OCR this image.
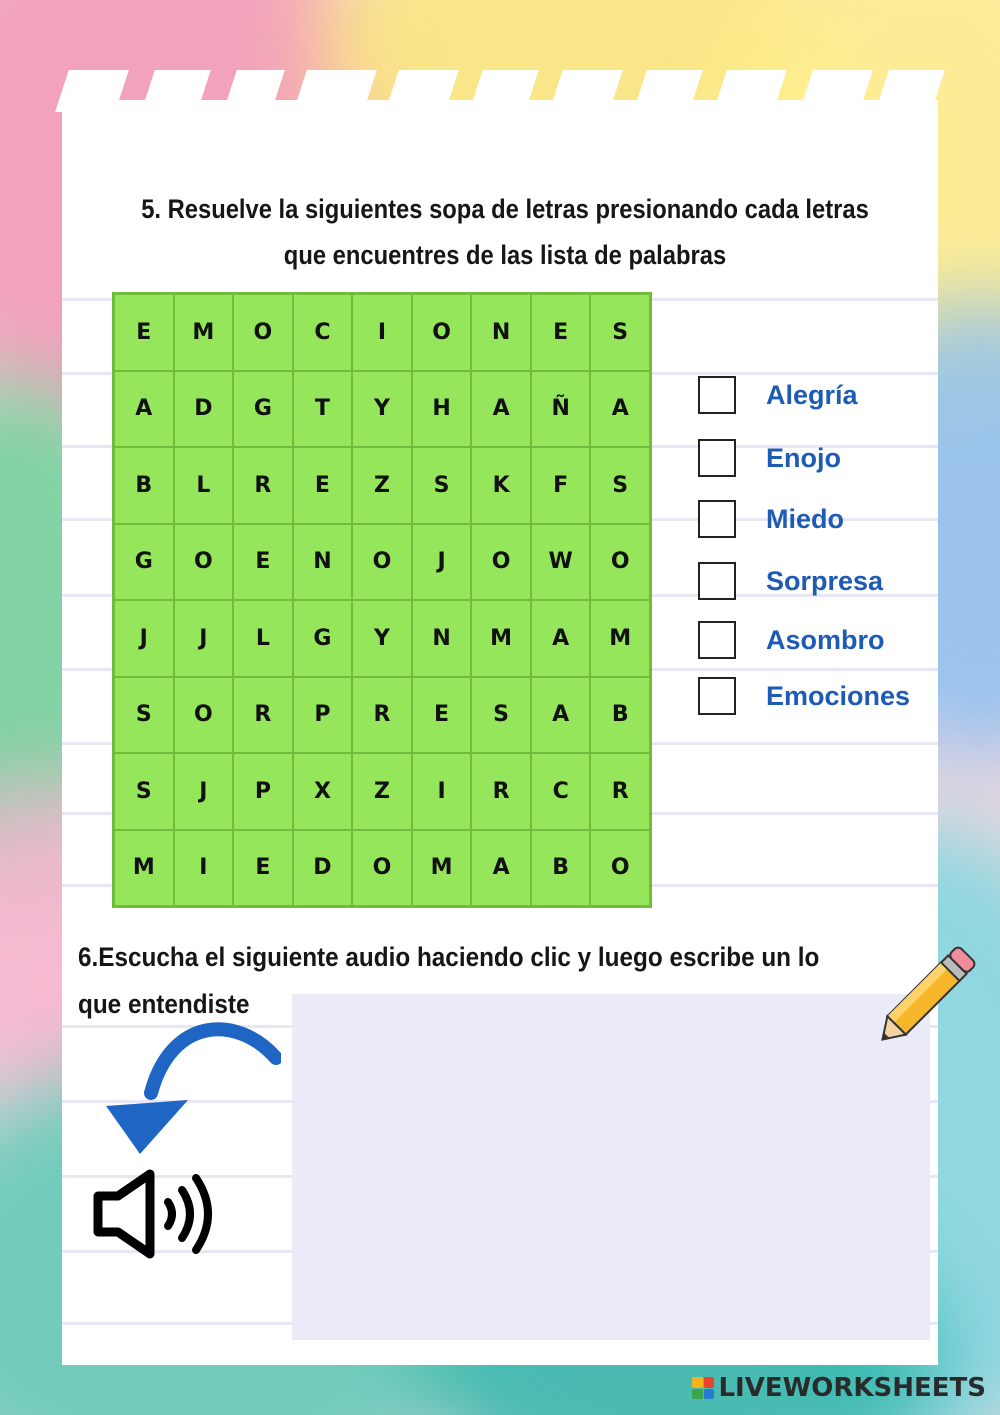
5. Resuelve la siguientes sopa de letras presionando cada letras
que encuentres de las lista de palabras
E	M	O	C	I	O	N	E	S
A	D	G	T	Y	H	A	Ñ	A
B	L	R	E	Z	S	K	F	S
G	O	E	N	O	J	O	W	O
J	J	L	G	Y	N	M	A	M
S	O	R	P	R	E	S	A	B
S	J	P	X	Z	I	R	C	R
M	I	E	D	O	M	A	B	O
Alegría
Enojo
Miedo
Sorpresa
Asombro
Emociones
6.Escucha el siguiente audio haciendo clic y luego escribe un lo
que entendiste
LIVEWORKSHEETS
